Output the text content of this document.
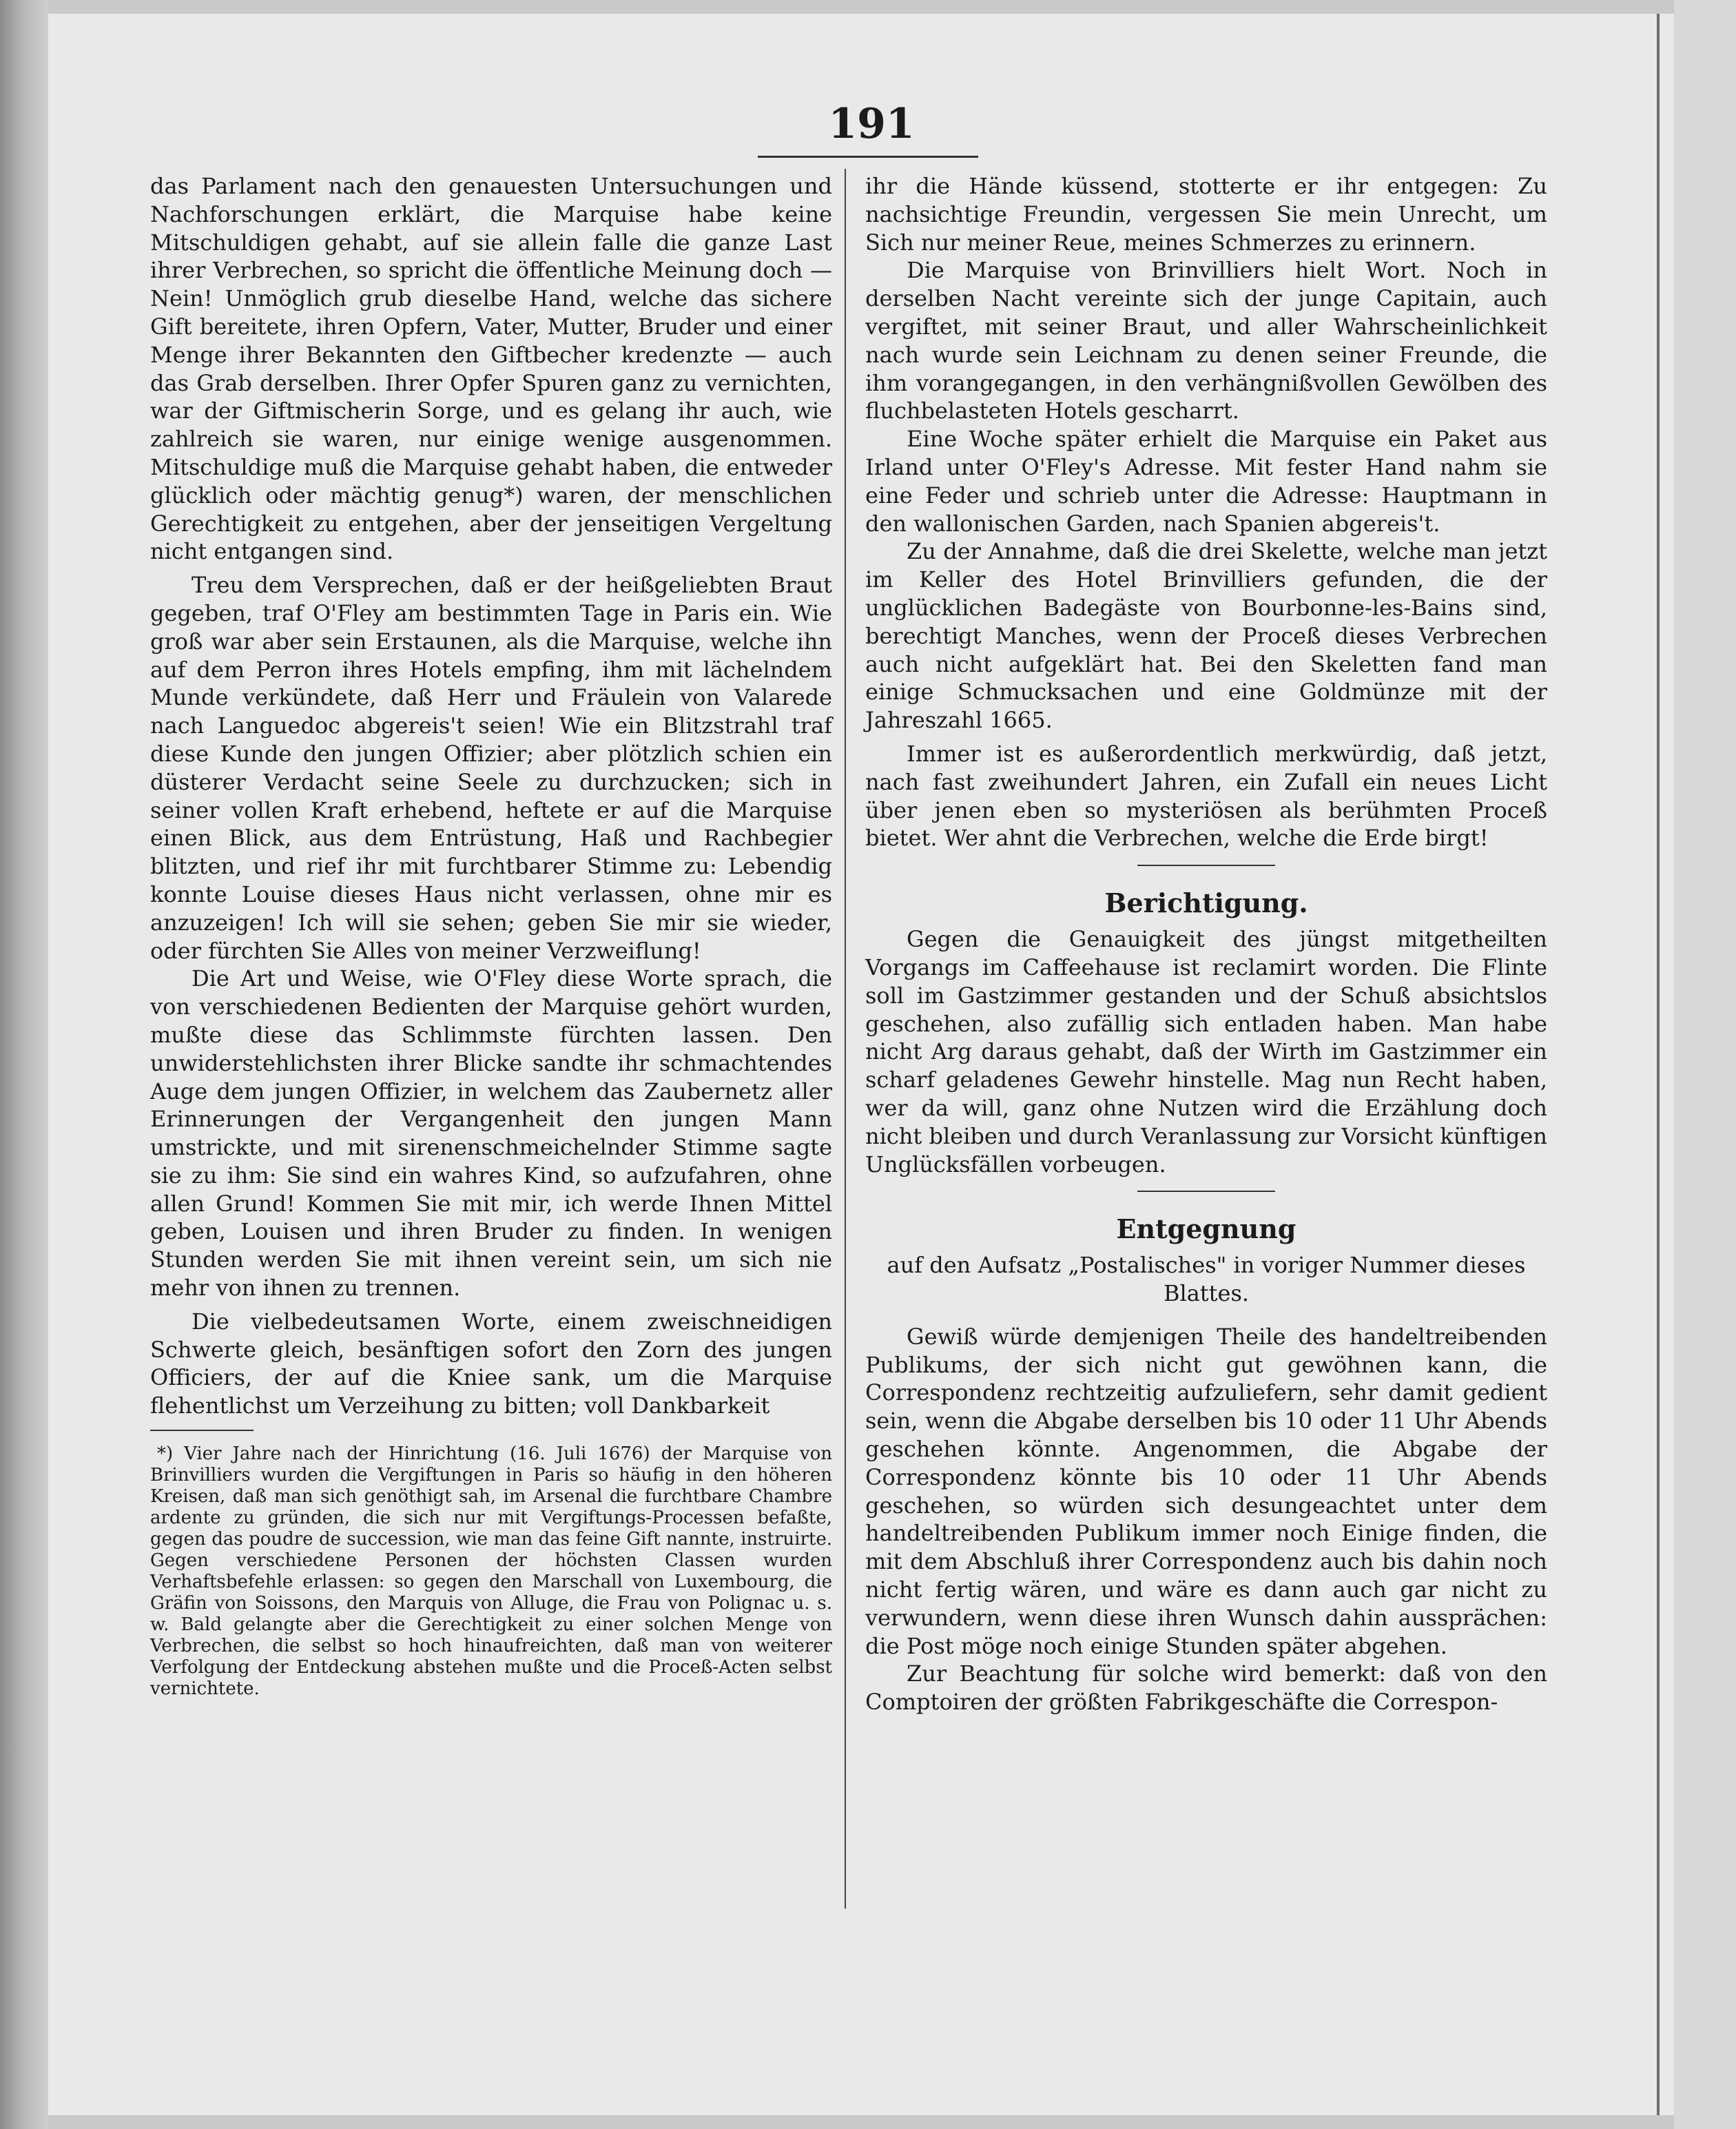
191

das Parlament nach den genauesten Untersuchungen und Nachforschungen erklärt, die Marquise habe keine Mitschuldigen gehabt, auf sie allein falle die ganze Last ihrer Verbrechen, so spricht die öffentliche Meinung doch — Nein! Unmöglich grub dieselbe Hand, welche das sichere Gift bereitete, ihren Opfern, Vater, Mutter, Bruder und einer Menge ihrer Bekannten den Giftbecher kredenzte — auch das Grab derselben. Ihrer Opfer Spuren ganz zu vernichten, war der Giftmischerin Sorge, und es gelang ihr auch, wie zahlreich sie waren, nur einige wenige ausgenommen. Mitschuldige muß die Marquise gehabt haben, die entweder glücklich oder mächtig genug*) waren, der menschlichen Gerechtigkeit zu entgehen, aber der jenseitigen Vergeltung nicht entgangen sind.

Treu dem Versprechen, daß er der heißgeliebten Braut gegeben, traf O'Fley am bestimmten Tage in Paris ein. Wie groß war aber sein Erstaunen, als die Marquise, welche ihn auf dem Perron ihres Hotels empfing, ihm mit lächelndem Munde verkündete, daß Herr und Fräulein von Valarede nach Languedoc abgereis't seien! Wie ein Blitzstrahl traf diese Kunde den jungen Offizier; aber plötzlich schien ein düsterer Verdacht seine Seele zu durchzucken; sich in seiner vollen Kraft erhebend, heftete er auf die Marquise einen Blick, aus dem Entrüstung, Haß und Rachbegier blitzten, und rief ihr mit furchtbarer Stimme zu: Lebendig konnte Louise dieses Haus nicht verlassen, ohne mir es anzuzeigen! Ich will sie sehen; geben Sie mir sie wieder, oder fürchten Sie Alles von meiner Verzweiflung!

Die Art und Weise, wie O'Fley diese Worte sprach, die von verschiedenen Bedienten der Marquise gehört wurden, mußte diese das Schlimmste fürchten lassen. Den unwiderstehlichsten ihrer Blicke sandte ihr schmachtendes Auge dem jungen Offizier, in welchem das Zaubernetz aller Erinnerungen der Vergangenheit den jungen Mann umstrickte, und mit sirenenschmeichelnder Stimme sagte sie zu ihm: Sie sind ein wahres Kind, so aufzufahren, ohne allen Grund! Kommen Sie mit mir, ich werde Ihnen Mittel geben, Louisen und ihren Bruder zu finden. In wenigen Stunden werden Sie mit ihnen vereint sein, um sich nie mehr von ihnen zu trennen.

Die vielbedeutsamen Worte, einem zweischneidigen Schwerte gleich, besänftigen sofort den Zorn des jungen Officiers, der auf die Kniee sank, um die Marquise flehentlichst um Verzeihung zu bitten; voll Dankbarkeit

*) Vier Jahre nach der Hinrichtung (16. Juli 1676) der Marquise von Brinvilliers wurden die Vergiftungen in Paris so häufig in den höheren Kreisen, daß man sich genöthigt sah, im Arsenal die furchtbare Chambre ardente zu gründen, die sich nur mit Vergiftungs-Processen befaßte, gegen das poudre de succession, wie man das feine Gift nannte, instruirte. Gegen verschiedene Personen der höchsten Classen wurden Verhaftsbefehle erlassen: so gegen den Marschall von Luxembourg, die Gräfin von Soissons, den Marquis von Alluge, die Frau von Polignac u. s. w. Bald gelangte aber die Gerechtigkeit zu einer solchen Menge von Verbrechen, die selbst so hoch hinaufreichten, daß man von weiterer Verfolgung der Entdeckung abstehen mußte und die Proceß-Acten selbst vernichtete.

ihr die Hände küssend, stotterte er ihr entgegen: Zu nachsichtige Freundin, vergessen Sie mein Unrecht, um Sich nur meiner Reue, meines Schmerzes zu erinnern.

Die Marquise von Brinvilliers hielt Wort. Noch in derselben Nacht vereinte sich der junge Capitain, auch vergiftet, mit seiner Braut, und aller Wahrscheinlichkeit nach wurde sein Leichnam zu denen seiner Freunde, die ihm vorangegangen, in den verhängnißvollen Gewölben des fluchbelasteten Hotels gescharrt.

Eine Woche später erhielt die Marquise ein Paket aus Irland unter O'Fley's Adresse. Mit fester Hand nahm sie eine Feder und schrieb unter die Adresse: Hauptmann in den wallonischen Garden, nach Spanien abgereis't.

Zu der Annahme, daß die drei Skelette, welche man jetzt im Keller des Hotel Brinvilliers gefunden, die der unglücklichen Badegäste von Bourbonne-les-Bains sind, berechtigt Manches, wenn der Proceß dieses Verbrechen auch nicht aufgeklärt hat. Bei den Skeletten fand man einige Schmucksachen und eine Goldmünze mit der Jahreszahl 1665.

Immer ist es außerordentlich merkwürdig, daß jetzt, nach fast zweihundert Jahren, ein Zufall ein neues Licht über jenen eben so mysteriösen als berühmten Proceß bietet. Wer ahnt die Verbrechen, welche die Erde birgt!

Berichtigung.

Gegen die Genauigkeit des jüngst mitgetheilten Vorgangs im Caffeehause ist reclamirt worden. Die Flinte soll im Gastzimmer gestanden und der Schuß absichtslos geschehen, also zufällig sich entladen haben. Man habe nicht Arg daraus gehabt, daß der Wirth im Gastzimmer ein scharf geladenes Gewehr hinstelle. Mag nun Recht haben, wer da will, ganz ohne Nutzen wird die Erzählung doch nicht bleiben und durch Veranlassung zur Vorsicht künftigen Unglücksfällen vorbeugen.

Entgegnung

auf den Aufsatz „Postalisches" in voriger Nummer dieses Blattes.

Gewiß würde demjenigen Theile des handeltreibenden Publikums, der sich nicht gut gewöhnen kann, die Correspondenz rechtzeitig aufzuliefern, sehr damit gedient sein, wenn die Abgabe derselben bis 10 oder 11 Uhr Abends geschehen könnte. Angenommen, die Abgabe der Correspondenz könnte bis 10 oder 11 Uhr Abends geschehen, so würden sich desungeachtet unter dem handeltreibenden Publikum immer noch Einige finden, die mit dem Abschluß ihrer Correspondenz auch bis dahin noch nicht fertig wären, und wäre es dann auch gar nicht zu verwundern, wenn diese ihren Wunsch dahin aussprächen: die Post möge noch einige Stunden später abgehen.

Zur Beachtung für solche wird bemerkt: daß von den Comptoiren der größten Fabrikgeschäfte die Correspon-
